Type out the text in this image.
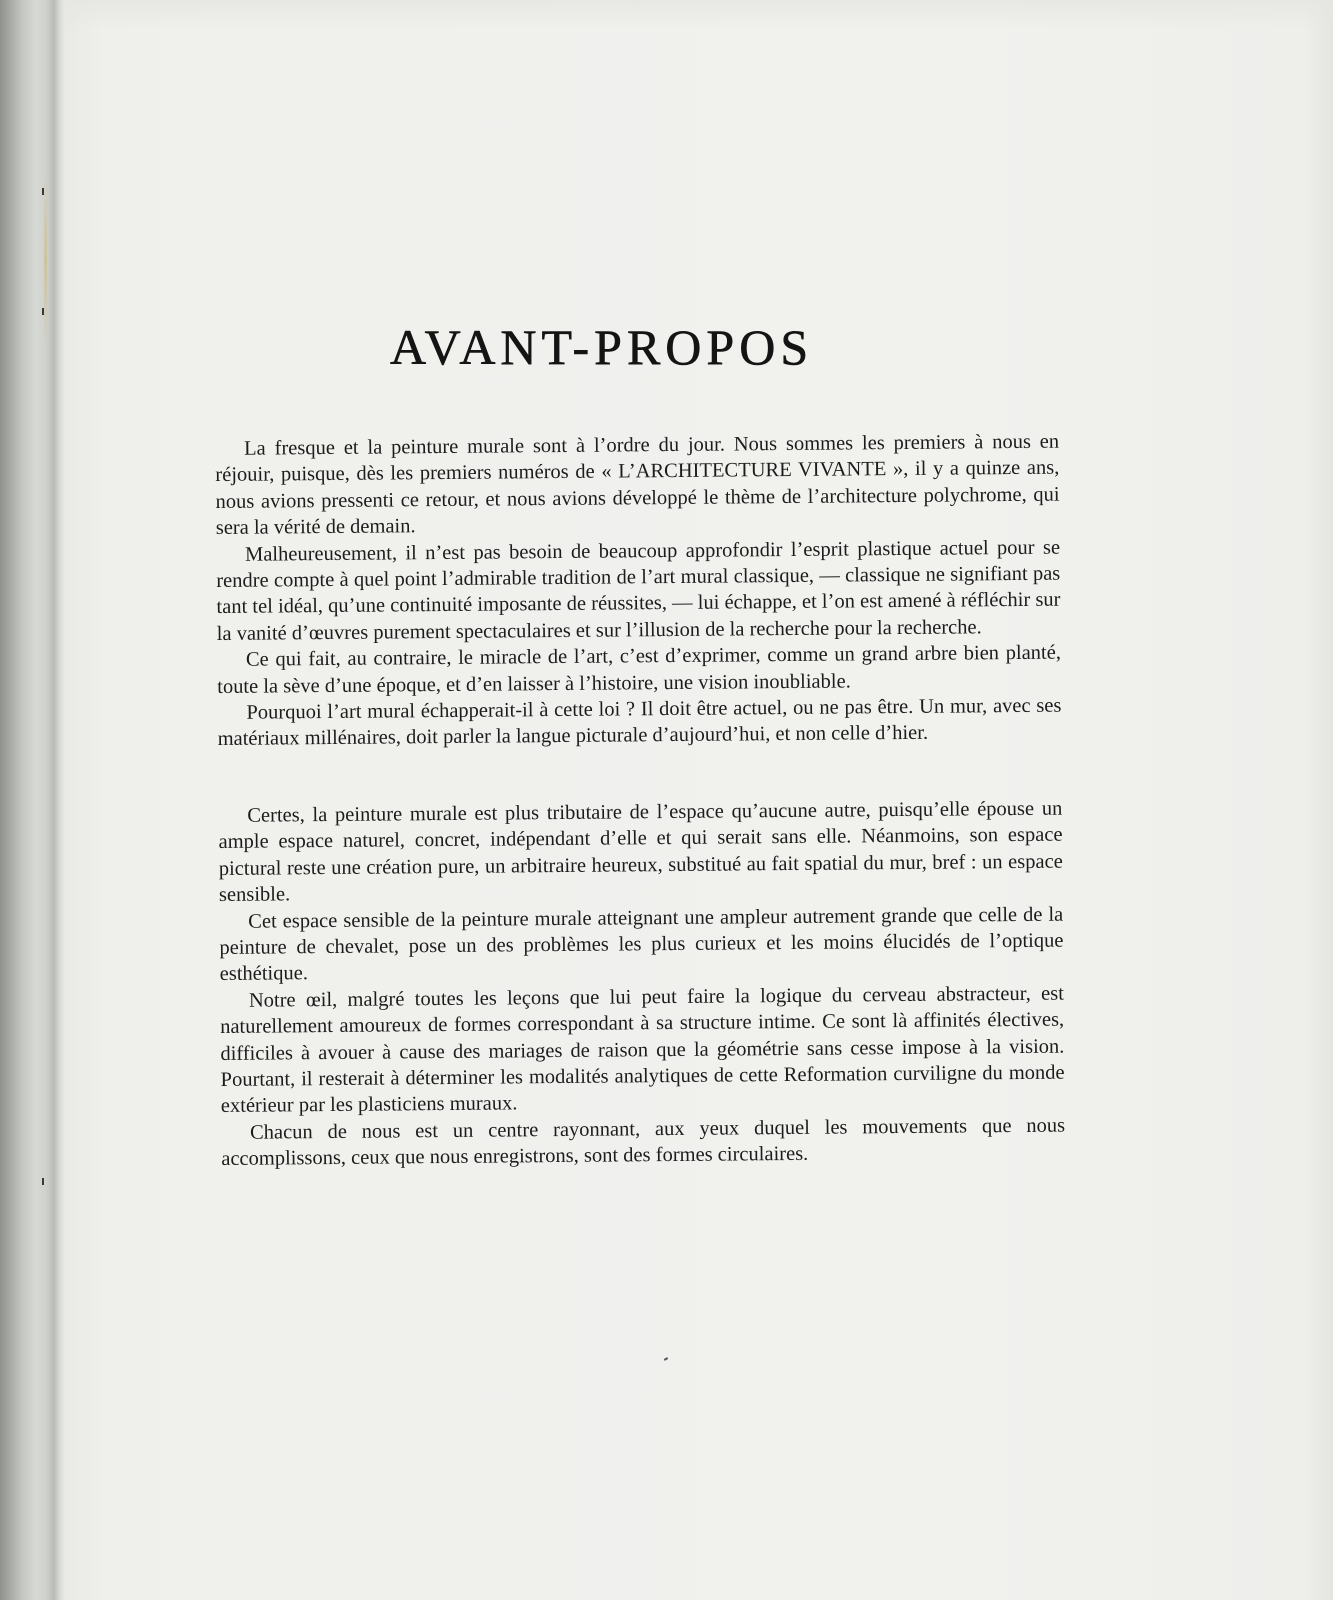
AVANT-PROPOS

La fresque et la peinture murale sont à l’ordre du jour. Nous sommes les premiers à nous en réjouir, puisque, dès les premiers numéros de « L’ARCHITECTURE VIVANTE », il y a quinze ans, nous avions pressenti ce retour, et nous avions développé le thème de l’architecture polychrome, qui sera la vérité de demain.

Malheureusement, il n’est pas besoin de beaucoup approfondir l’esprit plastique actuel pour se rendre compte à quel point l’admirable tradition de l’art mural classique, — classique ne signifiant pas tant tel idéal, qu’une continuité imposante de réussites, — lui échappe, et l’on est amené à réfléchir sur la vanité d’œuvres purement spectaculaires et sur l’illusion de la recherche pour la recherche.

Ce qui fait, au contraire, le miracle de l’art, c’est d’exprimer, comme un grand arbre bien planté, toute la sève d’une époque, et d’en laisser à l’histoire, une vision inoubliable.

Pourquoi l’art mural échapperait-il à cette loi ? Il doit être actuel, ou ne pas être. Un mur, avec ses matériaux millénaires, doit parler la langue picturale d’aujourd’hui, et non celle d’hier.

Certes, la peinture murale est plus tributaire de l’espace qu’aucune autre, puisqu’elle épouse un ample espace naturel, concret, indépendant d’elle et qui serait sans elle. Néanmoins, son espace pictural reste une création pure, un arbitraire heureux, substitué au fait spatial du mur, bref : un espace sensible.

Cet espace sensible de la peinture murale atteignant une ampleur autrement grande que celle de la peinture de chevalet, pose un des problèmes les plus curieux et les moins élucidés de l’optique esthétique.

Notre œil, malgré toutes les leçons que lui peut faire la logique du cerveau abstracteur, est naturellement amoureux de formes correspondant à sa structure intime. Ce sont là affinités électives, difficiles à avouer à cause des mariages de raison que la géométrie sans cesse impose à la vision. Pourtant, il resterait à déterminer les modalités analytiques de cette Reformation curviligne du monde extérieur par les plasticiens muraux.

Chacun de nous est un centre rayonnant, aux yeux duquel les mouvements que nous accomplissons, ceux que nous enregistrons, sont des formes circulaires.
